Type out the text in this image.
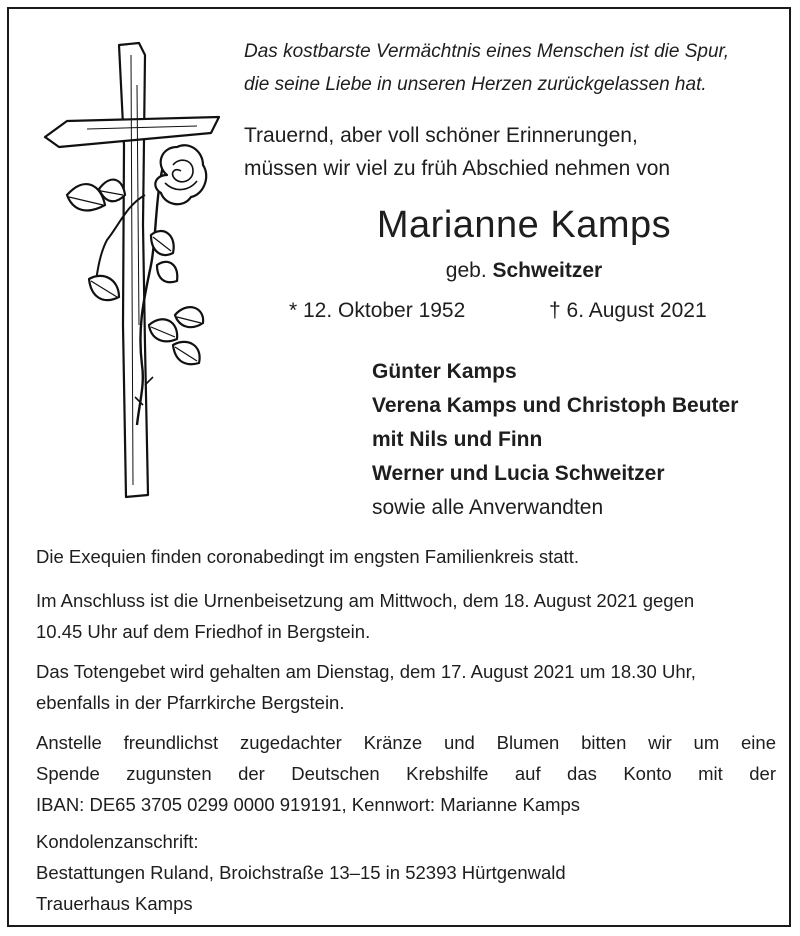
Das kostbarste Vermächtnis eines Menschen ist die Spur,
die seine Liebe in unseren Herzen zurückgelassen hat.
Trauernd, aber voll schöner Erinnerungen,
müssen wir viel zu früh Abschied nehmen von
Marianne Kamps
geb. Schweitzer
* 12. Oktober 1952	† 6. August 2021
Günter Kamps
Verena Kamps und Christoph Beuter
mit Nils und Finn
Werner und Lucia Schweitzer
sowie alle Anverwandten
Die Exequien finden coronabedingt im engsten Familienkreis statt.
Im Anschluss ist die Urnenbeisetzung am Mittwoch, dem 18. August 2021 gegen
10.45 Uhr auf dem Friedhof in Bergstein.
Das Totengebet wird gehalten am Dienstag, dem 17. August 2021 um 18.30 Uhr,
ebenfalls in der Pfarrkirche Bergstein.
Anstelle freundlichst zugedachter Kränze und Blumen bitten wir um eine
Spende zugunsten der Deutschen Krebshilfe auf das Konto mit der
IBAN: DE65 3705 0299 0000 919191, Kennwort: Marianne Kamps
Kondolenzanschrift:
Bestattungen Ruland, Broichstraße 13–15 in 52393 Hürtgenwald
Trauerhaus Kamps
